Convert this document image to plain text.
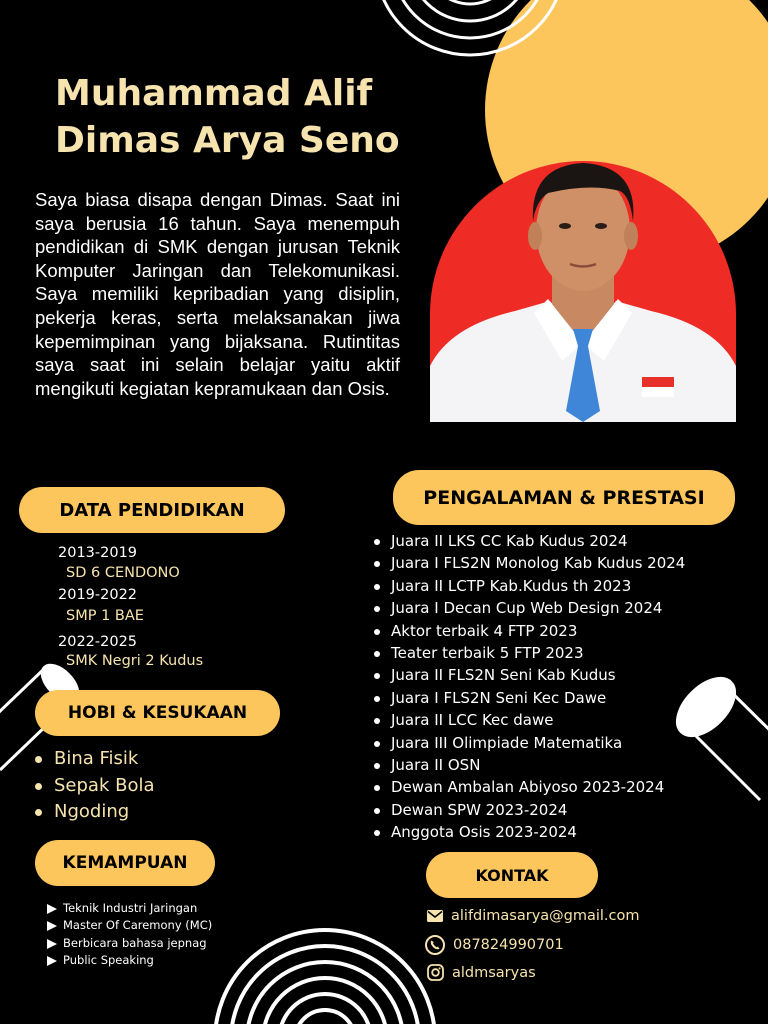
Muhammad Alif
Dimas Arya Seno
Saya biasa disapa dengan Dimas. Saat ini saya berusia 16 tahun. Saya menempuh pendidikan di SMK dengan jurusan Teknik Komputer Jaringan dan Telekomunikasi. Saya memiliki kepribadian yang disiplin, pekerja keras, serta melaksanakan jiwa kepemimpinan yang bijaksana. Rutintitas saya saat ini selain belajar yaitu aktif mengikuti kegiatan kepramukaan dan Osis.
DATA PENDIDIKAN
2013-2019
SD 6 CENDONO
2019-2022
SMP 1 BAE
2022-2025
SMK Negri 2 Kudus
HOBI & KESUKAAN
Bina Fisik
Sepak Bola
Ngoding
KEMAMPUAN
Teknik Industri Jaringan
Master Of Caremony (MC)
Berbicara bahasa jepnag
Public Speaking
PENGALAMAN & PRESTASI
Juara II LKS CC Kab Kudus 2024
Juara I FLS2N Monolog Kab Kudus 2024
Juara II LCTP Kab.Kudus th 2023
Juara I Decan Cup Web Design 2024
Aktor terbaik 4 FTP 2023
Teater terbaik 5 FTP 2023
Juara II FLS2N Seni Kab Kudus
Juara I FLS2N Seni Kec Dawe
Juara II LCC Kec dawe
Juara III Olimpiade Matematika
Juara II OSN
Dewan Ambalan Abiyoso 2023-2024
Dewan SPW 2023-2024
Anggota Osis 2023-2024
KONTAK
alifdimasarya@gmail.com
087824990701
aldmsaryas
